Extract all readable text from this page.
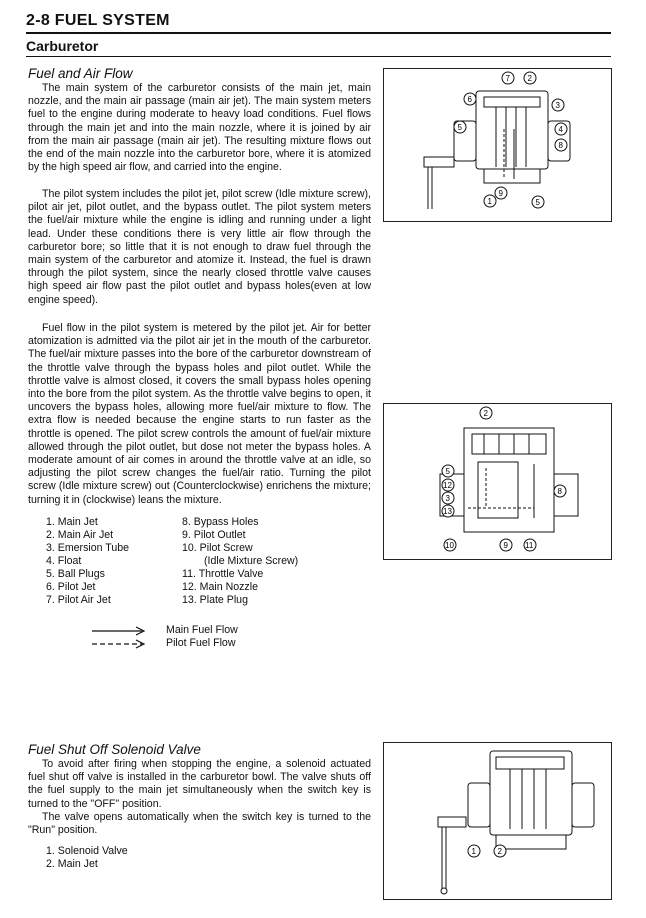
2-8 FUEL SYSTEM
Carburetor
Fuel and Air Flow
The main system of the carburetor consists of the main jet, main nozzle, and the main air passage (main air jet). The main system meters fuel to the engine during moderate to heavy load conditions. Fuel flows through the main jet and into the main nozzle, where it is joined by air from the main air passage (main air jet). The resulting mixture flows out the end of the main nozzle into the carburetor bore, where it is atomized by the high speed air flow, and carried into the engine.
The pilot system includes the pilot jet, pilot screw (Idle mixture screw), pilot air jet, pilot outlet, and the bypass outlet. The pilot system meters the fuel/air mixture while the engine is idling and running under a light lead. Under these conditions there is very little air flow through the carburetor bore; so little that it is not enough to draw fuel through the main system of the carburetor and atomize it. Instead, the fuel is drawn through the pilot system, since the nearly closed throttle valve causes high speed air flow past the pilot outlet and bypass holes(even at low engine speed).
Fuel flow in the pilot system is metered by the pilot jet. Air for better atomization is admitted via the pilot air jet in the mouth of the carburetor. The fuel/air mixture passes into the bore of the carburetor downstream of the throttle valve through the bypass holes and pilot outlet. While the throttle valve is almost closed, it covers the small bypass holes opening into the bore from the pilot system. As the throttle valve begins to open, it uncovers the bypass holes, allowing more fuel/air mixture to flow. The extra flow is needed because the engine starts to run faster as the throttle is opened. The pilot screw controls the amount of fuel/air mixture allowed through the pilot outlet, but dose not meter the bypass holes. A moderate amount of air comes in around the throttle valve at an idle, so adjusting the pilot screw changes the fuel/air ratio. Turning the pilot screw (Idle mixture screw) out (Counterclockwise) enrichens the mixture; turning it in (clockwise) leans the mixture.
1. Main Jet
2. Main Air Jet
3. Emersion Tube
4. Float
5. Ball Plugs
6. Pilot Jet
7. Pilot Air Jet
8. Bypass Holes
9. Pilot Outlet
10. Pilot Screw
(Idle Mixture Screw)
11. Throttle Valve
12. Main Nozzle
13. Plate Plug
Main Fuel Flow
Pilot Fuel Flow
Fuel Shut Off Solenoid Valve
To avoid after firing when stopping the engine, a solenoid actuated fuel shut off valve is installed in the carburetor bowl. The valve shuts off the fuel supply to the main jet simultaneously when the switch key is turned to the "OFF" position.
The valve opens automatically when the switch key is turned to the "Run" position.
1. Solenoid Valve
2. Main Jet
7 2
6
3
5	4
8
1
9
5
2
5
12
3
13
8
10	9 11
1	2
